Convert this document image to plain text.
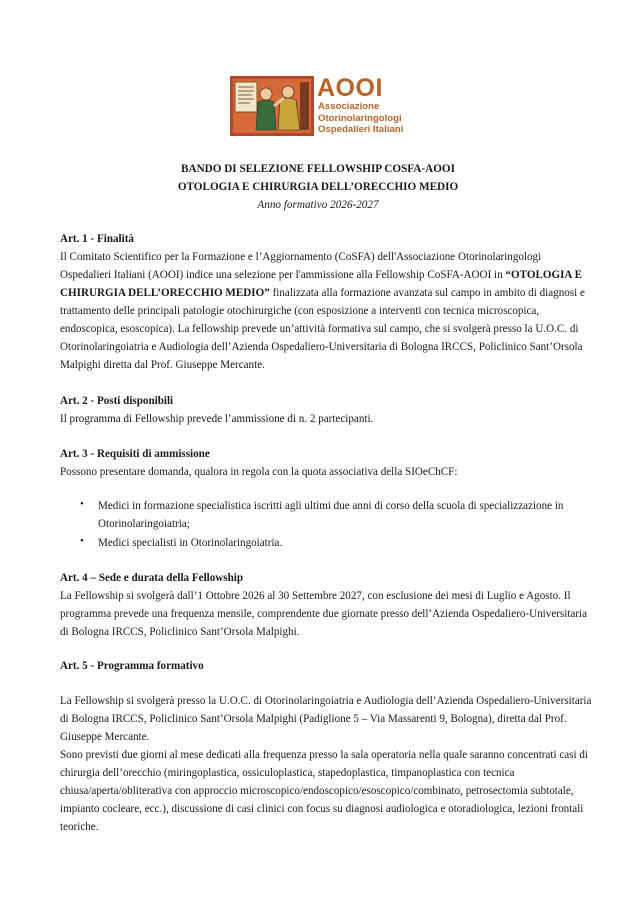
AOOI
Associazione
Otorinolaringologi
Ospedalieri Italiani
BANDO DI SELEZIONE FELLOWSHIP COSFA-AOOI
OTOLOGIA E CHIRURGIA DELL’ORECCHIO MEDIO
Anno formativo 2026-2027
Art. 1 - Finalità
Il Comitato Scientifico per la Formazione e l’Aggiornamento (CoSFA) dell'Associazione Otorinolaringologi
Ospedalieri Italiani (AOOI) indice una selezione per l'ammissione alla Fellowship CoSFA-AOOI in “OTOLOGIA E
CHIRURGIA DELL’ORECCHIO MEDIO” finalizzata alla formazione avanzata sul campo in ambito di diagnosi e
trattamento delle principali patologie otochirurgiche (con esposizione a interventi con tecnica microscopica,
endoscopica, esoscopica). La fellowship prevede un’attività formativa sul campo, che si svolgerà presso la U.O.C. di
Otorinolaringoiatria e Audiologia dell’Azienda Ospedaliero-Universitaria di Bologna IRCCS, Policlinico Sant’Orsola
Malpighi diretta dal Prof. Giuseppe Mercante.
Art. 2 - Posti disponibili
Il programma di Fellowship prevede l’ammissione di n. 2 partecipanti.
Art. 3 - Requisiti di ammissione
Possono presentare domanda, qualora in regola con la quota associativa della SIOeChCF:
•
Medici in formazione specialistica iscritti agli ultimi due anni di corso della scuola di specializzazione in
Otorinolaringoiatria;
•
Medici specialisti in Otorinolaringoiatria.
Art. 4 – Sede e durata della Fellowship
La Fellowship si svolgerà dall’1 Ottobre 2026 al 30 Settembre 2027, con esclusione dei mesi di Luglio e Agosto. Il
programma prevede una frequenza mensile, comprendente due giornate presso dell’Azienda Ospedaliero-Universitaria
di Bologna IRCCS, Policlinico Sant’Orsola Malpighi.
Art. 5 - Programma formativo
La Fellowship si svolgerà presso la U.O.C. di Otorinolaringoiatria e Audiologia dell’Azienda Ospedaliero-Universitaria
di Bologna IRCCS, Policlinico Sant’Orsola Malpighi (Padiglione 5 – Via Massarenti 9, Bologna), diretta dal Prof.
Giuseppe Mercante.
Sono previsti due giorni al mese dedicati alla frequenza presso la sala operatoria nella quale saranno concentrati casi di
chirurgia dell’orecchio (miringoplastica, ossiculoplastica, stapedoplastica, timpanoplastica con tecnica
chiusa/aperta/obliterativa con approccio microscopico/endoscopico/esoscopico/combinato, petrosectomia subtotale,
impianto cocleare, ecc.), discussione di casi clinici con focus su diagnosi audiologica e otoradiologica, lezioni frontali
teoriche.
